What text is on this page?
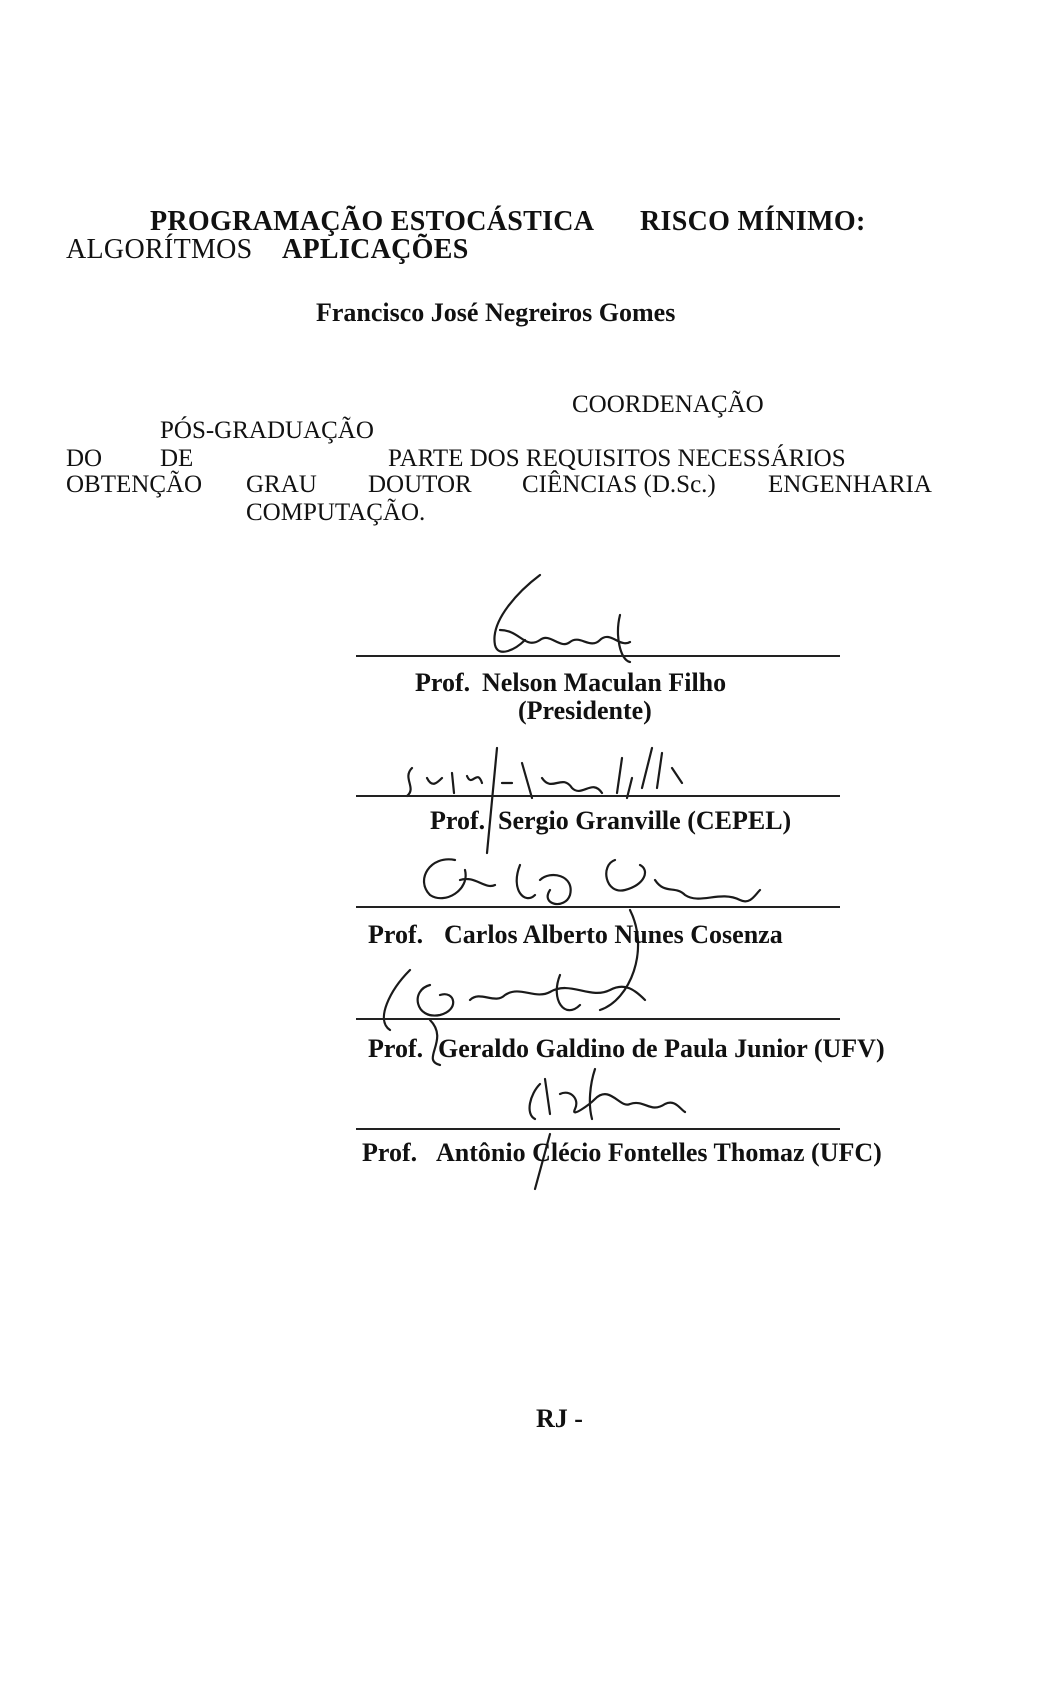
PROGRAMAÇÃO ESTOCÁSTICA RISCO MÍNIMO:
ALGORÍTMOS APLICAÇÕES
Francisco José Negreiros Gomes
COORDENAÇÃO
PÓS-GRADUAÇÃO
DO DE	PARTE DOS REQUISITOS NECESSÁRIOS
OBTENÇÃO GRAU DOUTOR CIÊNCIAS (D.Sc.) ENGENHARIA
COMPUTAÇÃO.
Prof. Nelson Maculan Filho
(Presidente)
Prof. Sergio Granville (CEPEL)
Prof. Carlos Alberto Nunes Cosenza
Prof. Geraldo Galdino de Paula Junior (UFV)
Prof. Antônio Clécio Fontelles Thomaz (UFC)
RJ -
